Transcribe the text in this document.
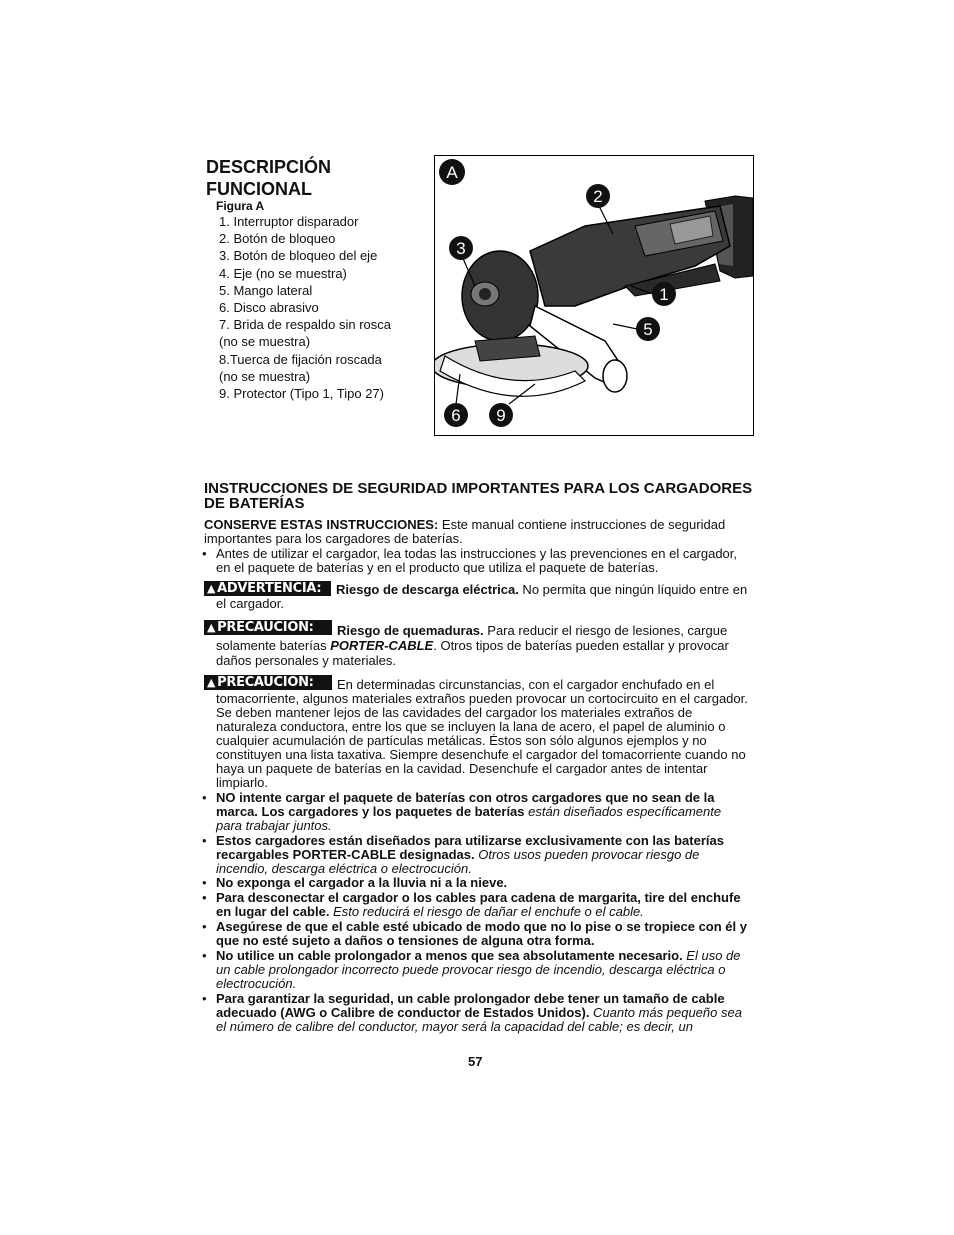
DESCRIPCIÓN
FUNCIONAL
Figura A
1. Interruptor disparador
2. Botón de bloqueo
3. Botón de bloqueo del eje
4. Eje (no se muestra)
5. Mango lateral
6. Disco abrasivo
7. Brida de respaldo sin rosca
(no se muestra)
8.Tuerca de fijación roscada
(no se muestra)
9. Protector (Tipo 1, Tipo 27)
A
2
3
1
5
6 9
INSTRUCCIONES DE SEGURIDAD IMPORTANTES PARA LOS CARGADORES DE BATERÍAS
CONSERVE ESTAS INSTRUCCIONES: Este manual contiene instrucciones de seguridad importantes para los cargadores de baterías.
• Antes de utilizar el cargador, lea todas las instrucciones y las prevenciones en el cargador, en el paquete de baterías y en el producto que utiliza el paquete de baterías.
▲ ADVERTENCIA:	Riesgo de descarga eléctrica. No permita que ningún líquido entre en el cargador.
▲ PRECAUCIÓN:	Riesgo de quemaduras. Para reducir el riesgo de lesiones, cargue solamente baterías PORTER-CABLE. Otros tipos de baterías pueden estallar y provocar daños personales y materiales.
▲ PRECAUCIÓN:	En determinadas circunstancias, con el cargador enchufado en el tomacorriente, algunos materiales extraños pueden provocar un cortocircuito en el cargador. Se deben mantener lejos de las cavidades del cargador los materiales extraños de naturaleza conductora, entre los que se incluyen la lana de acero, el papel de aluminio o cualquier acumulación de partículas metálicas. Éstos son sólo algunos ejemplos y no constituyen una lista taxativa. Siempre desenchufe el cargador del tomacorriente cuando no haya un paquete de baterías en la cavidad. Desenchufe el cargador antes de intentar limpiarlo.
• NO intente cargar el paquete de baterías con otros cargadores que no sean de la marca. Los cargadores y los paquetes de baterías están diseñados específicamente para trabajar juntos.
• Estos cargadores están diseñados para utilizarse exclusivamente con las baterías recargables PORTER-CABLE designadas. Otros usos pueden provocar riesgo de incendio, descarga eléctrica o electrocución.
• No exponga el cargador a la lluvia ni a la nieve.
• Para desconectar el cargador o los cables para cadena de margarita, tire del enchufe en lugar del cable. Esto reducirá el riesgo de dañar el enchufe o el cable.
• Asegúrese de que el cable esté ubicado de modo que no lo pise o se tropiece con él y que no esté sujeto a daños o tensiones de alguna otra forma.
• No utilice un cable prolongador a menos que sea absolutamente necesario. El uso de un cable prolongador incorrecto puede provocar riesgo de incendio, descarga eléctrica o electrocución.
• Para garantizar la seguridad, un cable prolongador debe tener un tamaño de cable adecuado (AWG o Calibre de conductor de Estados Unidos). Cuanto más pequeño sea el número de calibre del conductor, mayor será la capacidad del cable; es decir, un
57
